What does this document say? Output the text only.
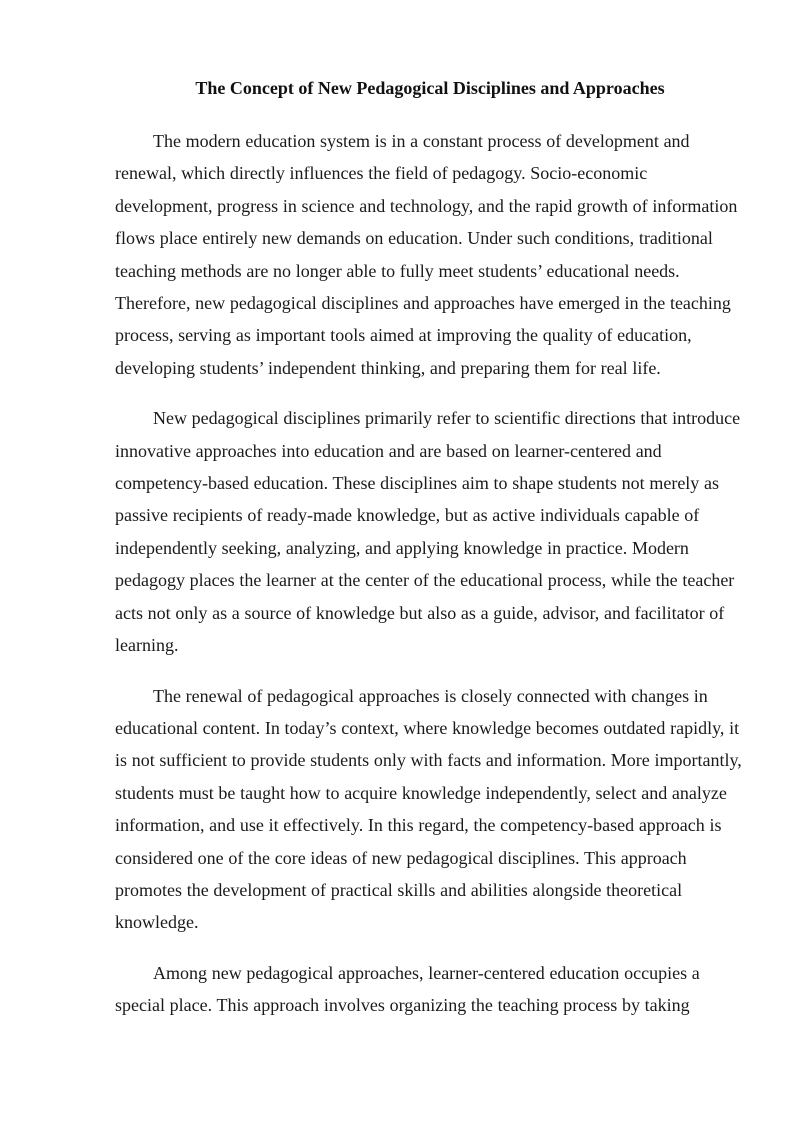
The Concept of New Pedagogical Disciplines and Approaches

The modern education system is in a constant process of development and renewal, which directly influences the field of pedagogy. Socio-economic development, progress in science and technology, and the rapid growth of information flows place entirely new demands on education. Under such conditions, traditional teaching methods are no longer able to fully meet students’ educational needs. Therefore, new pedagogical disciplines and approaches have emerged in the teaching process, serving as important tools aimed at improving the quality of education, developing students’ independent thinking, and preparing them for real life.

New pedagogical disciplines primarily refer to scientific directions that introduce innovative approaches into education and are based on learner-centered and competency-based education. These disciplines aim to shape students not merely as passive recipients of ready-made knowledge, but as active individuals capable of independently seeking, analyzing, and applying knowledge in practice. Modern pedagogy places the learner at the center of the educational process, while the teacher acts not only as a source of knowledge but also as a guide, advisor, and facilitator of learning.

The renewal of pedagogical approaches is closely connected with changes in educational content. In today’s context, where knowledge becomes outdated rapidly, it is not sufficient to provide students only with facts and information. More importantly, students must be taught how to acquire knowledge independently, select and analyze information, and use it effectively. In this regard, the competency-based approach is considered one of the core ideas of new pedagogical disciplines. This approach promotes the development of practical skills and abilities alongside theoretical knowledge.

Among new pedagogical approaches, learner-centered education occupies a special place. This approach involves organizing the teaching process by taking
